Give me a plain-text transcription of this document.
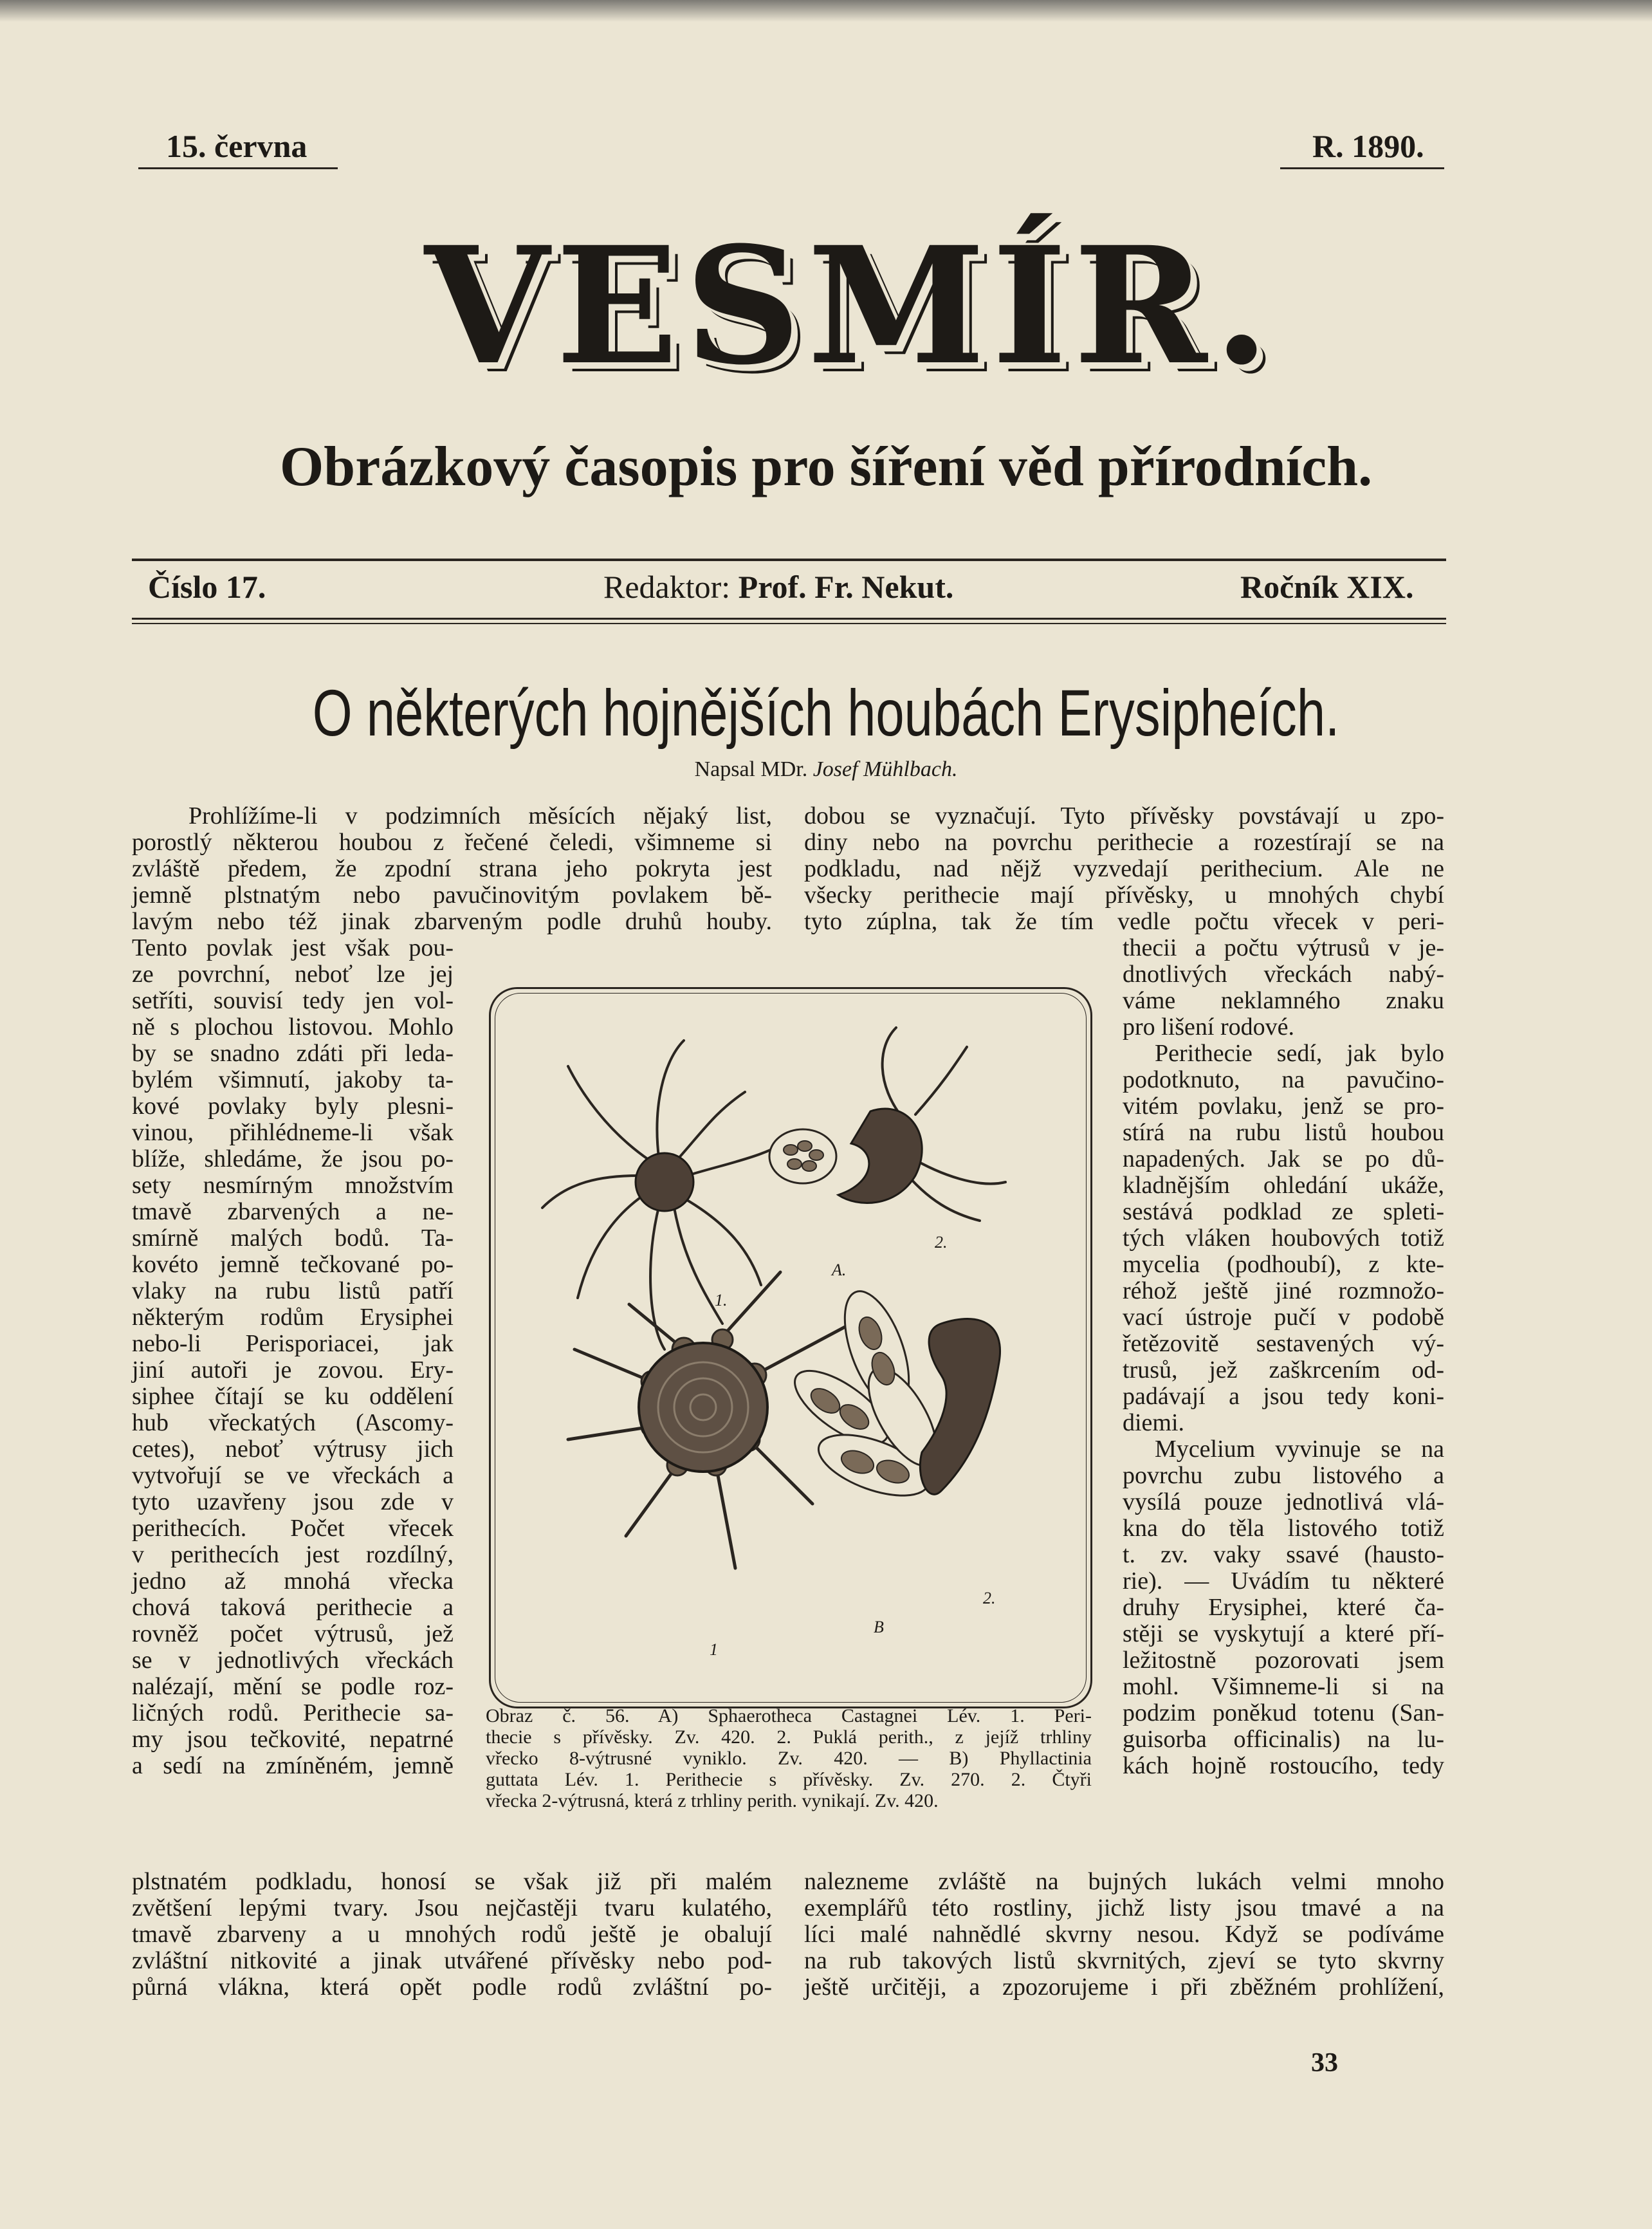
15. června	R. 1890.
VESMÍR.
Obrázkový časopis pro šíření věd přírodních.
Číslo 17.	Redaktor: Prof. Fr. Nekut.	Ročník XIX.
O některých hojnějších houbách Erysipheích.
Napsal MDr. Josef Mühlbach.
Prohlížíme-li v podzimních měsících nějaký list,
porostlý některou houbou z řečené čeledi, všimneme si
zvláště předem, že zpodní strana jeho pokryta jest
jemně plstnatým nebo pavučinovitým povlakem bě-
lavým nebo též jinak zbarveným podle druhů houby.
Tento povlak jest však pou-
ze povrchní, neboť lze jej
setříti, souvisí tedy jen vol-
ně s plochou listovou. Mohlo
by se snadno zdáti při leda-
bylém všimnutí, jakoby ta-
kové povlaky byly plesni-
vinou, přihlédneme-li však
blíže, shledáme, že jsou po-
sety nesmírným množstvím
tmavě zbarvených a ne-
smírně malých bodů. Ta-
kovéto jemně tečkované po-
vlaky na rubu listů patří
některým rodům Erysiphei
nebo-li Perisporiacei, jak
jiní autoři je zovou. Ery-
siphee čítají se ku oddělení
hub vřeckatých (Ascomy-
cetes), neboť výtrusy jich
vytvořují se ve vřeckách a
tyto uzavřeny jsou zde v
perithecích. Počet vřecek
v perithecích jest rozdílný,
jedno až mnohá vřecka
chová taková perithecie a
rovněž počet výtrusů, jež
se v jednotlivých vřeckách
nalézají, mění se podle roz-
ličných rodů. Perithecie sa-
my jsou tečkovité, nepatrné
a sedí na zmíněném, jemně
plstnatém podkladu, honosí se však již při malém
zvětšení lepými tvary. Jsou nejčastěji tvaru kulatého,
tmavě zbarveny a u mnohých rodů ještě je obalují
zvláštní nitkovité a jinak utvářené přívěsky nebo pod-
půrná vlákna, která opět podle rodů zvláštní po-
dobou se vyznačují. Tyto přívěsky povstávají u zpo-
diny nebo na povrchu perithecie a rozestírají se na
podkladu, nad nějž vyzvedají perithecium. Ale ne
všecky perithecie mají přívěsky, u mnohých chybí
tyto zúplna, tak že tím vedle počtu vřecek v peri-
thecii a počtu výtrusů v je-
dnotlivých vřeckách nabý-
váme neklamného znaku
pro lišení rodové.
Perithecie sedí, jak bylo
podotknuto, na pavučino-
vitém povlaku, jenž se pro-
stírá na rubu listů houbou
napadených. Jak se po dů-
kladnějším ohledání ukáže,
sestává podklad ze spleti-
tých vláken houbových totiž
mycelia (podhoubí), z kte-
réhož ještě jiné rozmnožo-
vací ústroje pučí v podobě
řetězovitě sestavených vý-
trusů, jež zaškrcením od-
padávají a jsou tedy koni-
diemi.
Mycelium vyvinuje se na
povrchu zubu listového a
vysílá pouze jednotlivá vlá-
kna do těla listového totiž
t. zv. vaky ssavé (hausto-
rie). — Uvádím tu některé
druhy Erysiphei, které ča-
stěji se vyskytují a které pří-
ležitostně pozorovati jsem
mohl. Všimneme-li si na
podzim poněkud totenu (San-
guisorba officinalis) na lu-
kách hojně rostoucího, tedy
nalezneme zvláště na bujných lukách velmi mnoho
exemplářů této rostliny, jichž listy jsou tmavé a na
líci malé nahnědlé skvrny nesou. Když se podíváme
na rub takových listů skvrnitých, zjeví se tyto skvrny
ještě určitěji, a zpozorujeme i při zběžném prohlížení,
1.
2.
A.
1
2.
B
Obraz č. 56. A) Sphaerotheca Castagnei Lév. 1. Peri-
thecie s přívěsky. Zv. 420. 2. Puklá perith., z jejíž trhliny
vřecko 8-výtrusné vyniklo. Zv. 420. — B) Phyllactinia
guttata Lév. 1. Perithecie s přívěsky. Zv. 270. 2. Čtyři
vřecka 2-výtrusná, která z trhliny perith. vynikají. Zv. 420.
33
